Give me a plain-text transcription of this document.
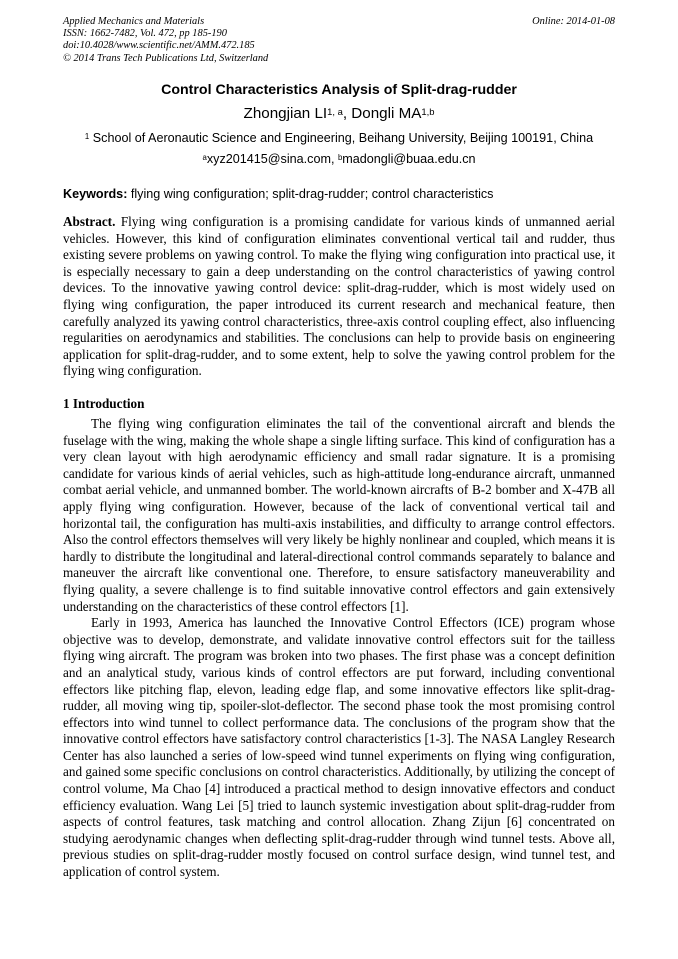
Applied Mechanics and Materials
ISSN: 1662-7482, Vol. 472, pp 185-190
doi:10.4028/www.scientific.net/AMM.472.185
© 2014 Trans Tech Publications Ltd, Switzerland
Online: 2014-01-08
Control Characteristics Analysis of Split-drag-rudder
Zhongjian LI$^{1, a}$, Dongli MA$^{1,b}$
$^1$ School of Aeronautic Science and Engineering, Beihang University, Beijing 100191, China
$^a$xyz201415@sina.com, $^b$madongli@buaa.edu.cn
Keywords: flying wing configuration; split-drag-rudder; control characteristics
Abstract. Flying wing configuration is a promising candidate for various kinds of unmanned aerial vehicles. However, this kind of configuration eliminates conventional vertical tail and rudder, thus existing severe problems on yawing control. To make the flying wing configuration into practical use, it is especially necessary to gain a deep understanding on the control characteristics of yawing control devices. To the innovative yawing control device: split-drag-rudder, which is most widely used on flying wing configuration, the paper introduced its current research and mechanical feature, then carefully analyzed its yawing control characteristics, three-axis control coupling effect, also influencing regularities on aerodynamics and stabilities. The conclusions can help to provide basis on engineering application for split-drag-rudder, and to some extent, help to solve the yawing control problem for the flying wing configuration.
1 Introduction

The flying wing configuration eliminates the tail of the conventional aircraft and blends the fuselage with the wing, making the whole shape a single lifting surface. This kind of configuration has a very clean layout with high aerodynamic efficiency and small radar signature. It is a promising candidate for various kinds of aerial vehicles, such as high-attitude long-endurance aircraft, unmanned combat aerial vehicle, and unmanned bomber. The world-known aircrafts of B-2 bomber and X-47B all apply flying wing configuration. However, because of the lack of conventional vertical tail and horizontal tail, the configuration has multi-axis instabilities, and difficulty to arrange control effectors. Also the control effectors themselves will very likely be highly nonlinear and coupled, which means it is hardly to distribute the longitudinal and lateral-directional control commands separately to balance and maneuver the aircraft like conventional one. Therefore, to ensure satisfactory maneuverability and flying quality, a severe challenge is to find suitable innovative control effectors and gain extensively understanding on the characteristics of these control effectors [1].

Early in 1993, America has launched the Innovative Control Effectors (ICE) program whose objective was to develop, demonstrate, and validate innovative control effectors suit for the tailless flying wing aircraft. The program was broken into two phases. The first phase was a concept definition and an analytical study, various kinds of control effectors are put forward, including conventional effectors like pitching flap, elevon, leading edge flap, and some innovative effectors like split-drag-rudder, all moving wing tip, spoiler-slot-deflector. The second phase took the most promising control effectors into wind tunnel to collect performance data. The conclusions of the program show that the innovative control effectors have satisfactory control characteristics [1-3]. The NASA Langley Research Center has also launched a series of low-speed wind tunnel experiments on flying wing configuration, and gained some specific conclusions on control characteristics. Additionally, by utilizing the concept of control volume, Ma Chao [4] introduced a practical method to design innovative effectors and conduct efficiency evaluation. Wang Lei [5] tried to launch systemic investigation about split-drag-rudder from aspects of control features, task matching and control allocation. Zhang Zijun [6] concentrated on studying aerodynamic changes when deflecting split-drag-rudder through wind tunnel tests. Above all, previous studies on split-drag-rudder mostly focused on control surface design, wind tunnel test, and application of control system.
